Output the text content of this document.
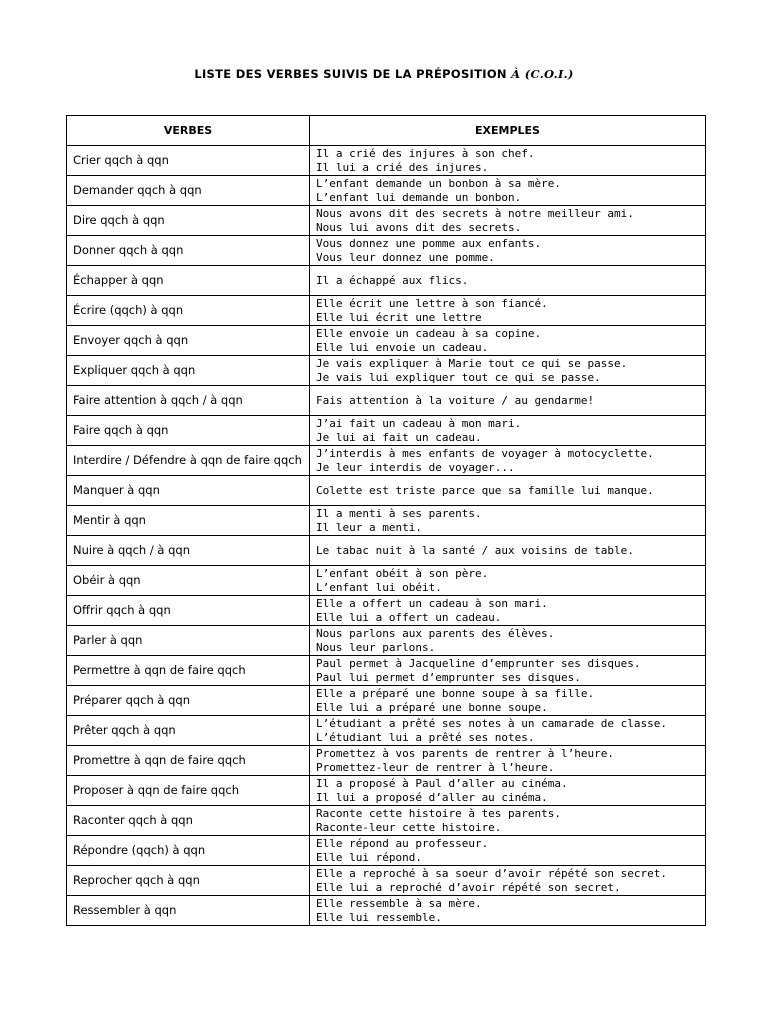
LISTE DES VERBES SUIVIS DE LA PRÉPOSITION À (C.O.I.)
VERBES	EXEMPLES
Crier qqch à qqn	Il a crié des injures à son chef.
Il lui a crié des injures.

Demander qqch à qqn	L’enfant demande un bonbon à sa mère.
L’enfant lui demande un bonbon.

Dire qqch à qqn	Nous avons dit des secrets à notre meilleur ami.
Nous lui avons dit des secrets.

Donner qqch à qqn	Vous donnez une pomme aux enfants.
Vous leur donnez une pomme.

Échapper à qqn	Il a échappé aux flics.

Écrire (qqch) à qqn	Elle écrit une lettre à son fiancé.
Elle lui écrit une lettre

Envoyer qqch à qqn	Elle envoie un cadeau à sa copine.
Elle lui envoie un cadeau.

Expliquer qqch à qqn	Je vais expliquer à Marie tout ce qui se passe.
Je vais lui expliquer tout ce qui se passe.

Faire attention à qqch / à qqn	Fais attention à la voiture / au gendarme!

Faire qqch à qqn	J’ai fait un cadeau à mon mari.
Je lui ai fait un cadeau.

Interdire / Défendre à qqn de faire qqch	J’interdis à mes enfants de voyager à motocyclette.
Je leur interdis de voyager...

Manquer à qqn	Colette est triste parce que sa famille lui manque.

Mentir à qqn	Il a menti à ses parents.
Il leur a menti.

Nuire à qqch / à qqn	Le tabac nuit à la santé / aux voisins de table.

Obéir à qqn	L’enfant obéit à son père.
L’enfant lui obéit.

Offrir qqch à qqn	Elle a offert un cadeau à son mari.
Elle lui a offert un cadeau.

Parler à qqn	Nous parlons aux parents des élèves.
Nous leur parlons.

Permettre à qqn de faire qqch	Paul permet à Jacqueline d’emprunter ses disques.
Paul lui permet d’emprunter ses disques.

Préparer qqch à qqn	Elle a préparé une bonne soupe à sa fille.
Elle lui a préparé une bonne soupe.

Prêter qqch à qqn	L’étudiant a prêté ses notes à un camarade de classe.
L’étudiant lui a prêté ses notes.

Promettre à qqn de faire qqch	Promettez à vos parents de rentrer à l’heure.
Promettez-leur de rentrer à l’heure.

Proposer à qqn de faire qqch	Il a proposé à Paul d’aller au cinéma.
Il lui a proposé d’aller au cinéma.

Raconter qqch à qqn	Raconte cette histoire à tes parents.
Raconte-leur cette histoire.

Répondre (qqch) à qqn	Elle répond au professeur.
Elle lui répond.

Reprocher qqch à qqn	Elle a reproché à sa soeur d’avoir répété son secret.
Elle lui a reproché d’avoir répété son secret.

Ressembler à qqn	Elle ressemble à sa mère.
Elle lui ressemble.
